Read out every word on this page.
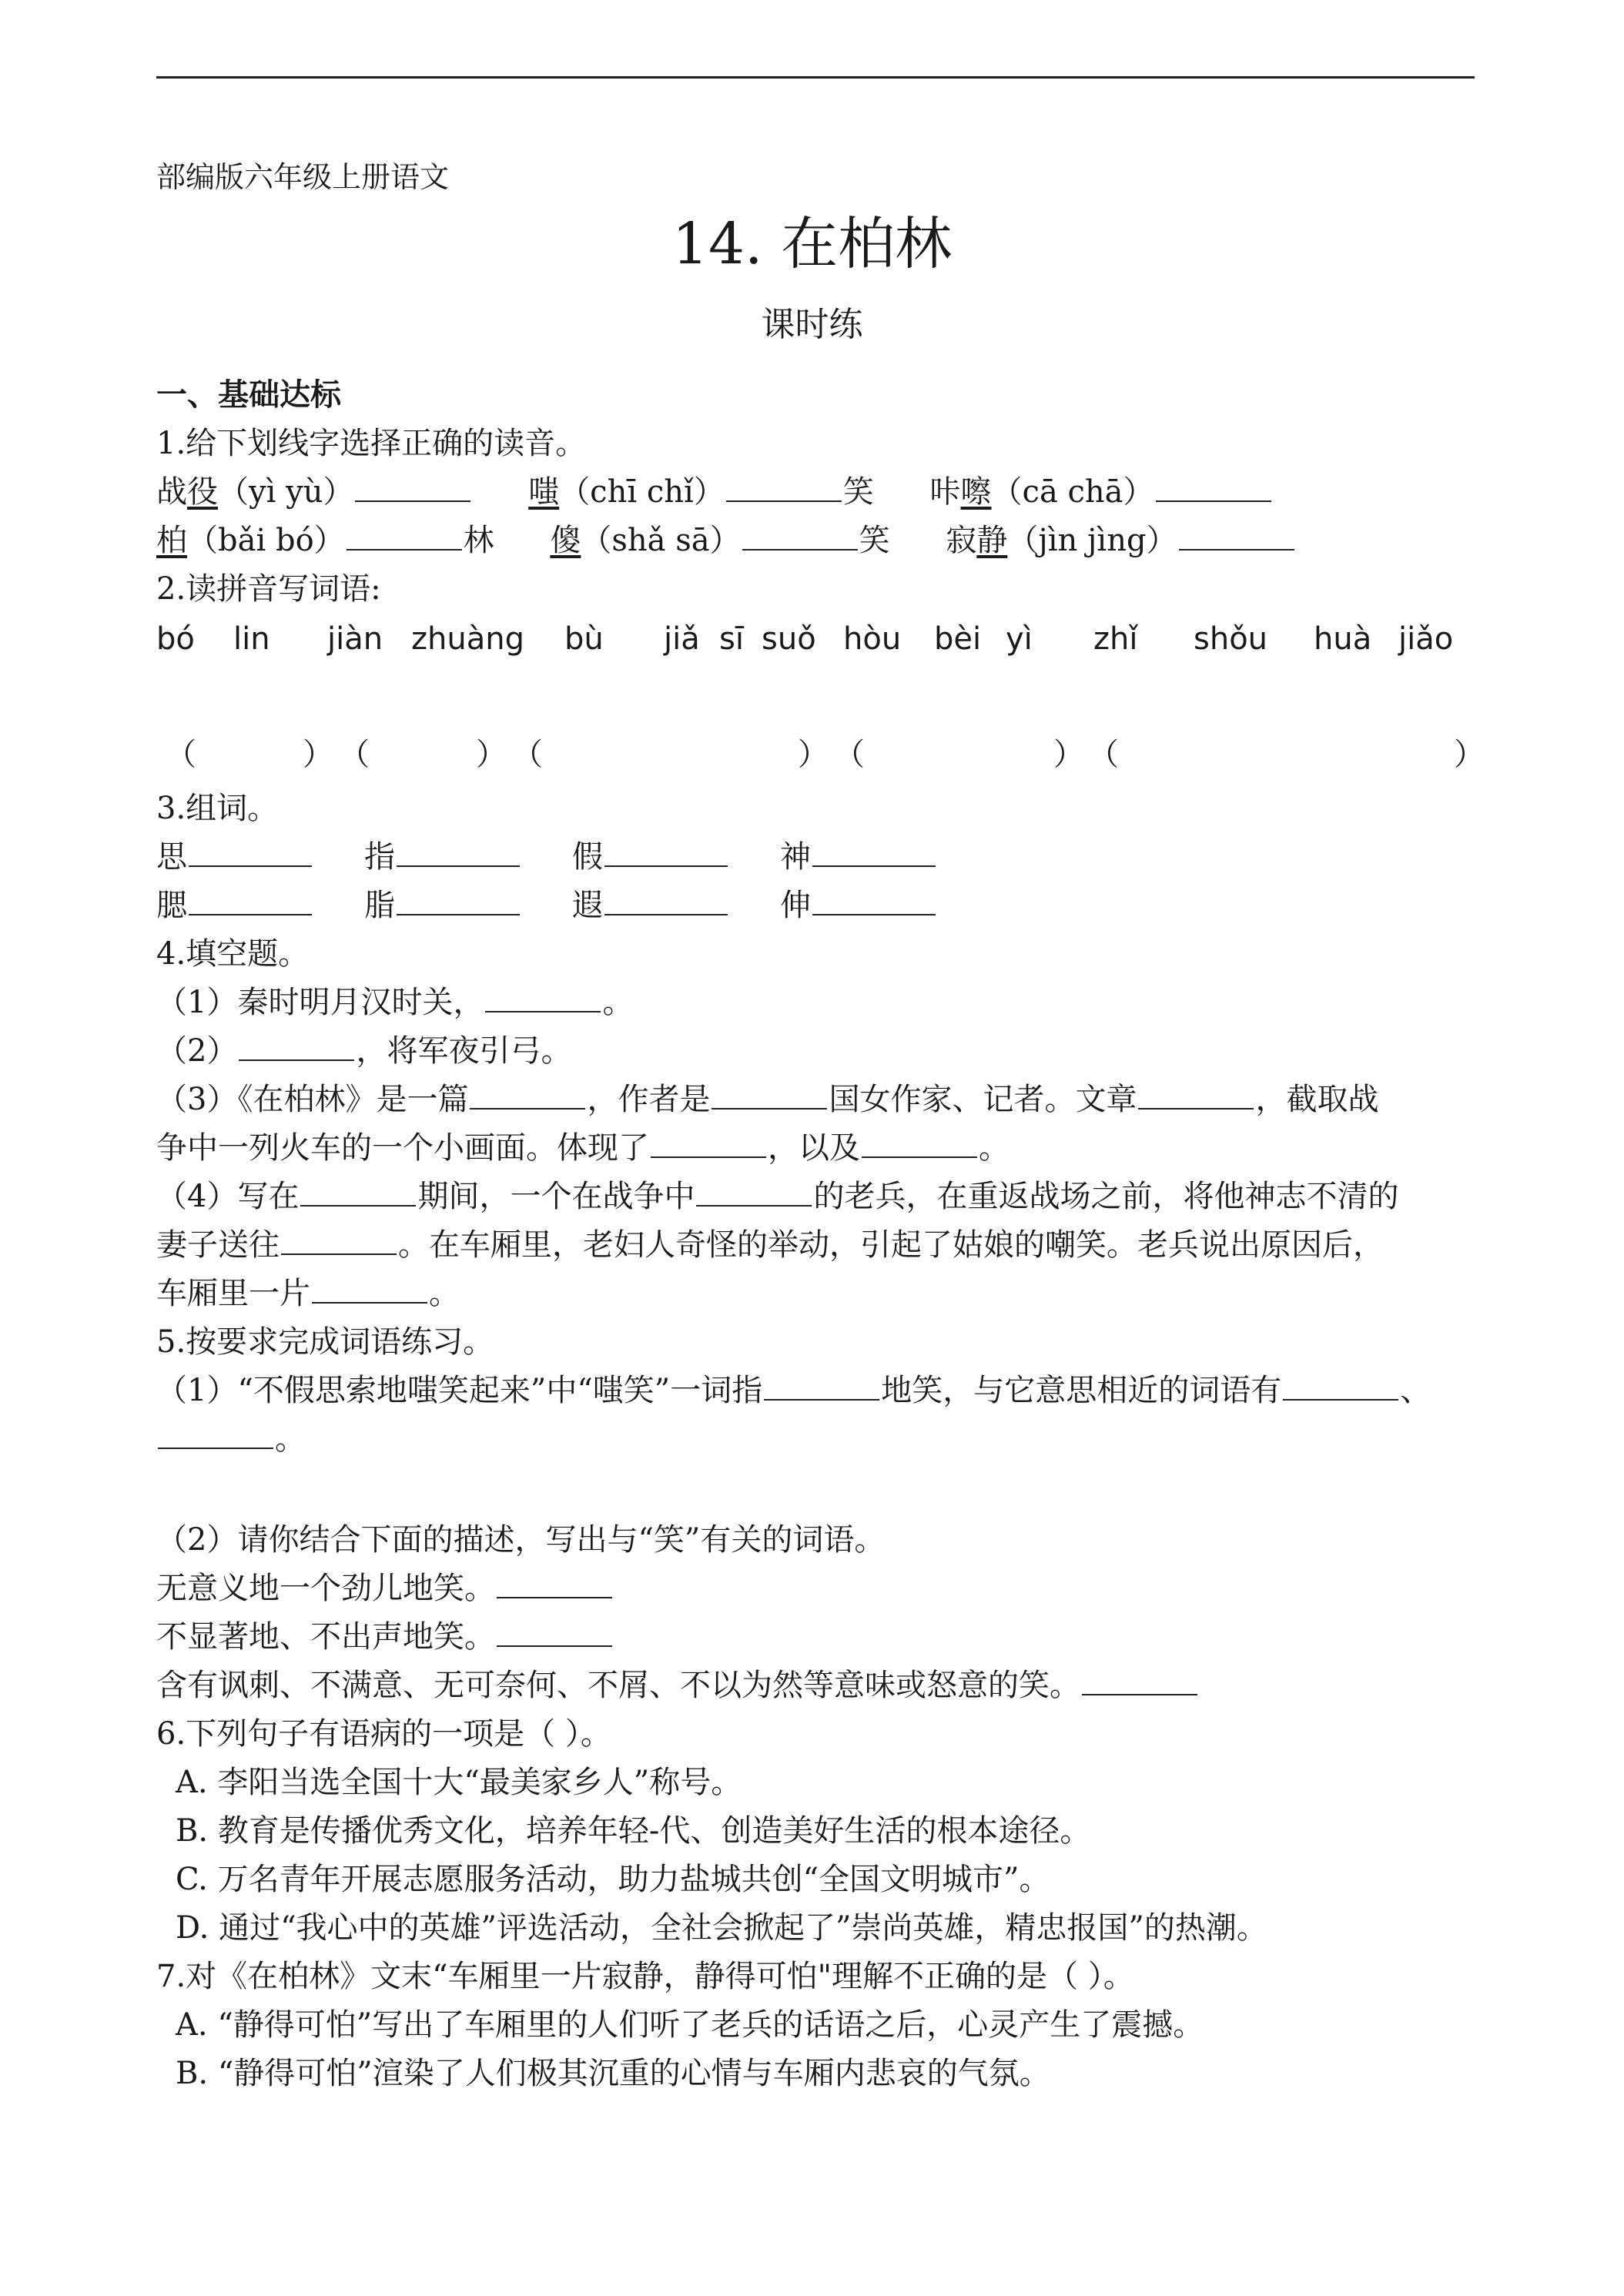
部编版六年级上册语文
14. 在柏林
课时练
一、基础达标
1.给下划线字选择正确的读音。
战役（yì yù）	嗤（chī chǐ）	笑 咔嚓（cā chā）
柏（bǎi bó）	林 傻（shǎ sā）	笑 寂静（jìn jìng）
2.读拼音写词语:
bó lin jiàn zhuàng bù jiǎ sī suǒ hòu bèi yì zhǐ shǒu huà jiǎo
（	） （	） （	） （	） （	）
3.组词。
思	指	假	神
腮	脂	遐	伸
4.填空题。
（1）秦时明月汉时关，	。
（2）	，将军夜引弓。
（3）《在柏林》是一篇	，作者是	国女作家、记者。文章	，截取战
争中一列火车的一个小画面。体现了	，以及	。
（4）写在	期间，一个在战争中	的老兵，在重返战场之前，将他神志不清的
妻子送往	。在车厢里，老妇人奇怪的举动，引起了姑娘的嘲笑。老兵说出原因后，
车厢里一片	。
5.按要求完成词语练习。
（1）“不假思索地嗤笑起来”中“嗤笑”一词指	地笑，与它意思相近的词语有	、
。
（2）请你结合下面的描述，写出与“笑”有关的词语。
无意义地一个劲儿地笑。
不显著地、不出声地笑。
含有讽刺、不满意、无可奈何、不屑、不以为然等意味或怒意的笑。
6.下列句子有语病的一项是（ ）。
A. 李阳当选全国十大“最美家乡人”称号。
B. 教育是传播优秀文化，培养年轻-代、创造美好生活的根本途径。
C. 万名青年开展志愿服务活动，助力盐城共创“全国文明城市”。
D. 通过“我心中的英雄”评选活动，全社会掀起了”崇尚英雄，精忠报国”的热潮。
7.对《在柏林》文末“车厢里一片寂静，静得可怕"理解不正确的是（ ）。
A. “静得可怕”写出了车厢里的人们听了老兵的话语之后，心灵产生了震撼。
B. “静得可怕”渲染了人们极其沉重的心情与车厢内悲哀的气氛。
